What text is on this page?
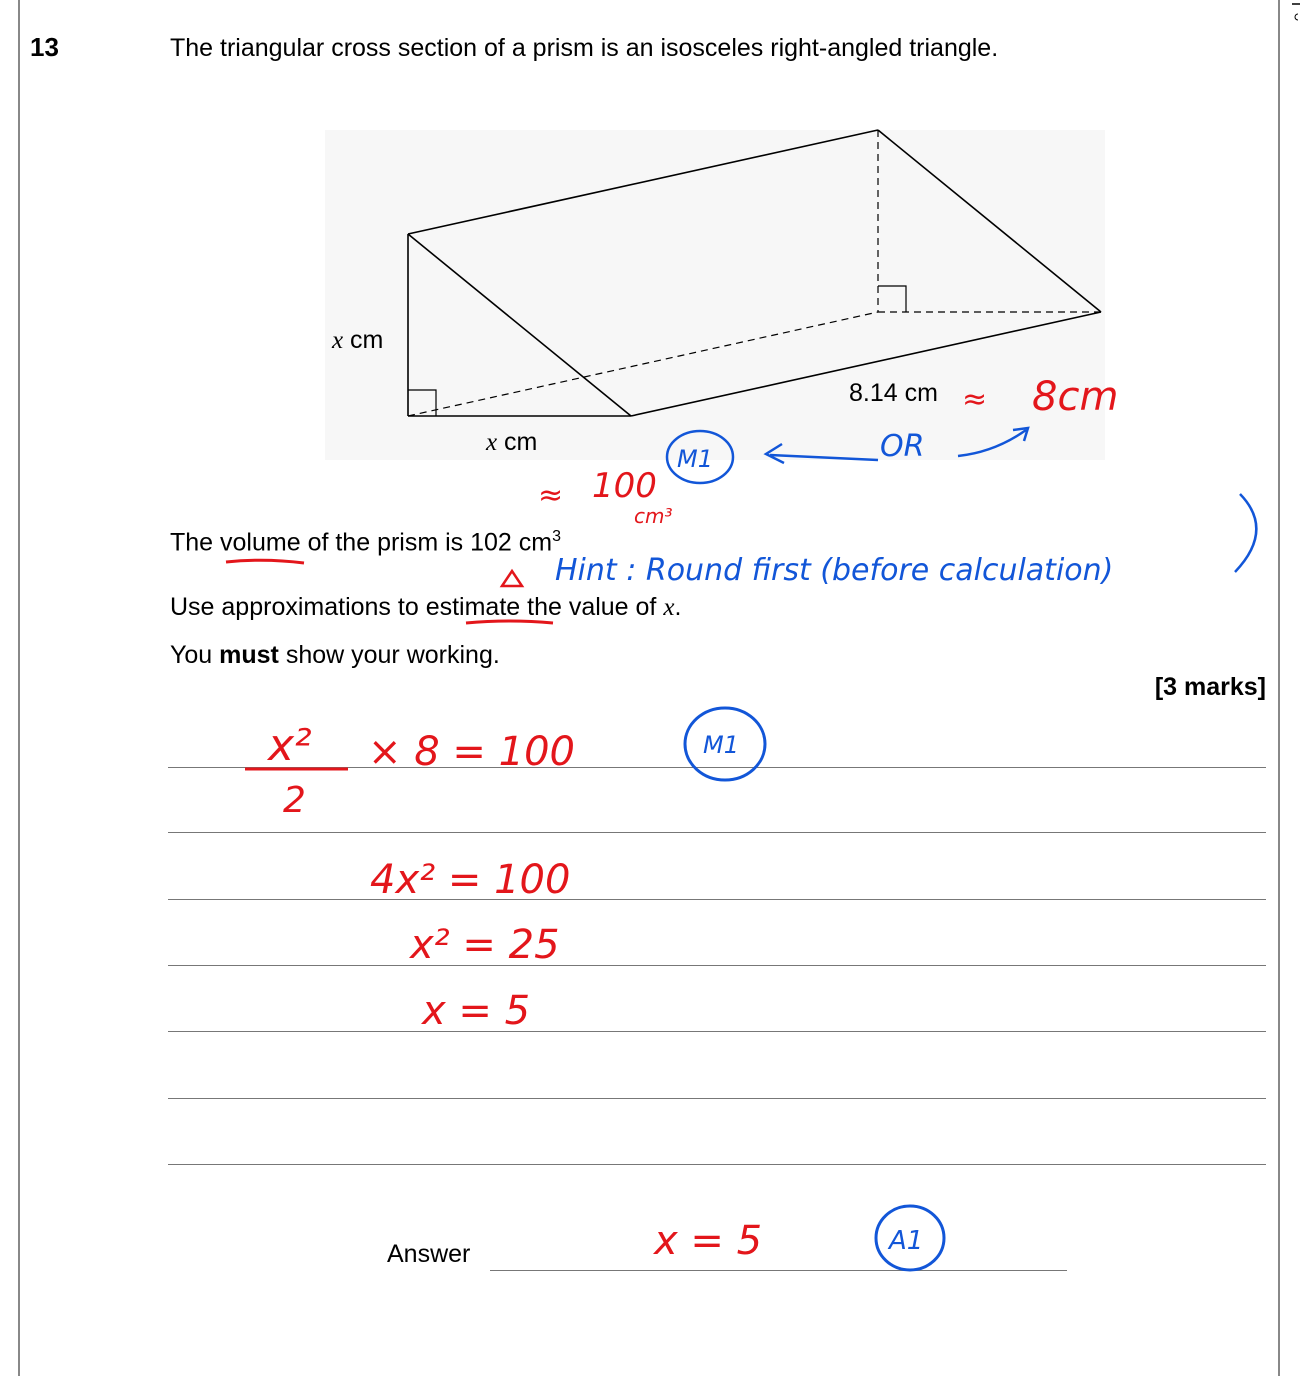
13	The triangular cross section of a prism is an isosceles right-angled triangle.
x cm
x cm
8.14 cm
The volume of the prism is 102 $cm^3$
Use approximations to estimate the value of x.
You must show your working.
[3 marks]
Answer
≈ 8cm
OR
M1
≈ 100
cm³
Hint : Round first (before calculation)
x²
2
× 8 = 100	M1
4x² = 100
x² = 25
x = 5
x = 5	A1
